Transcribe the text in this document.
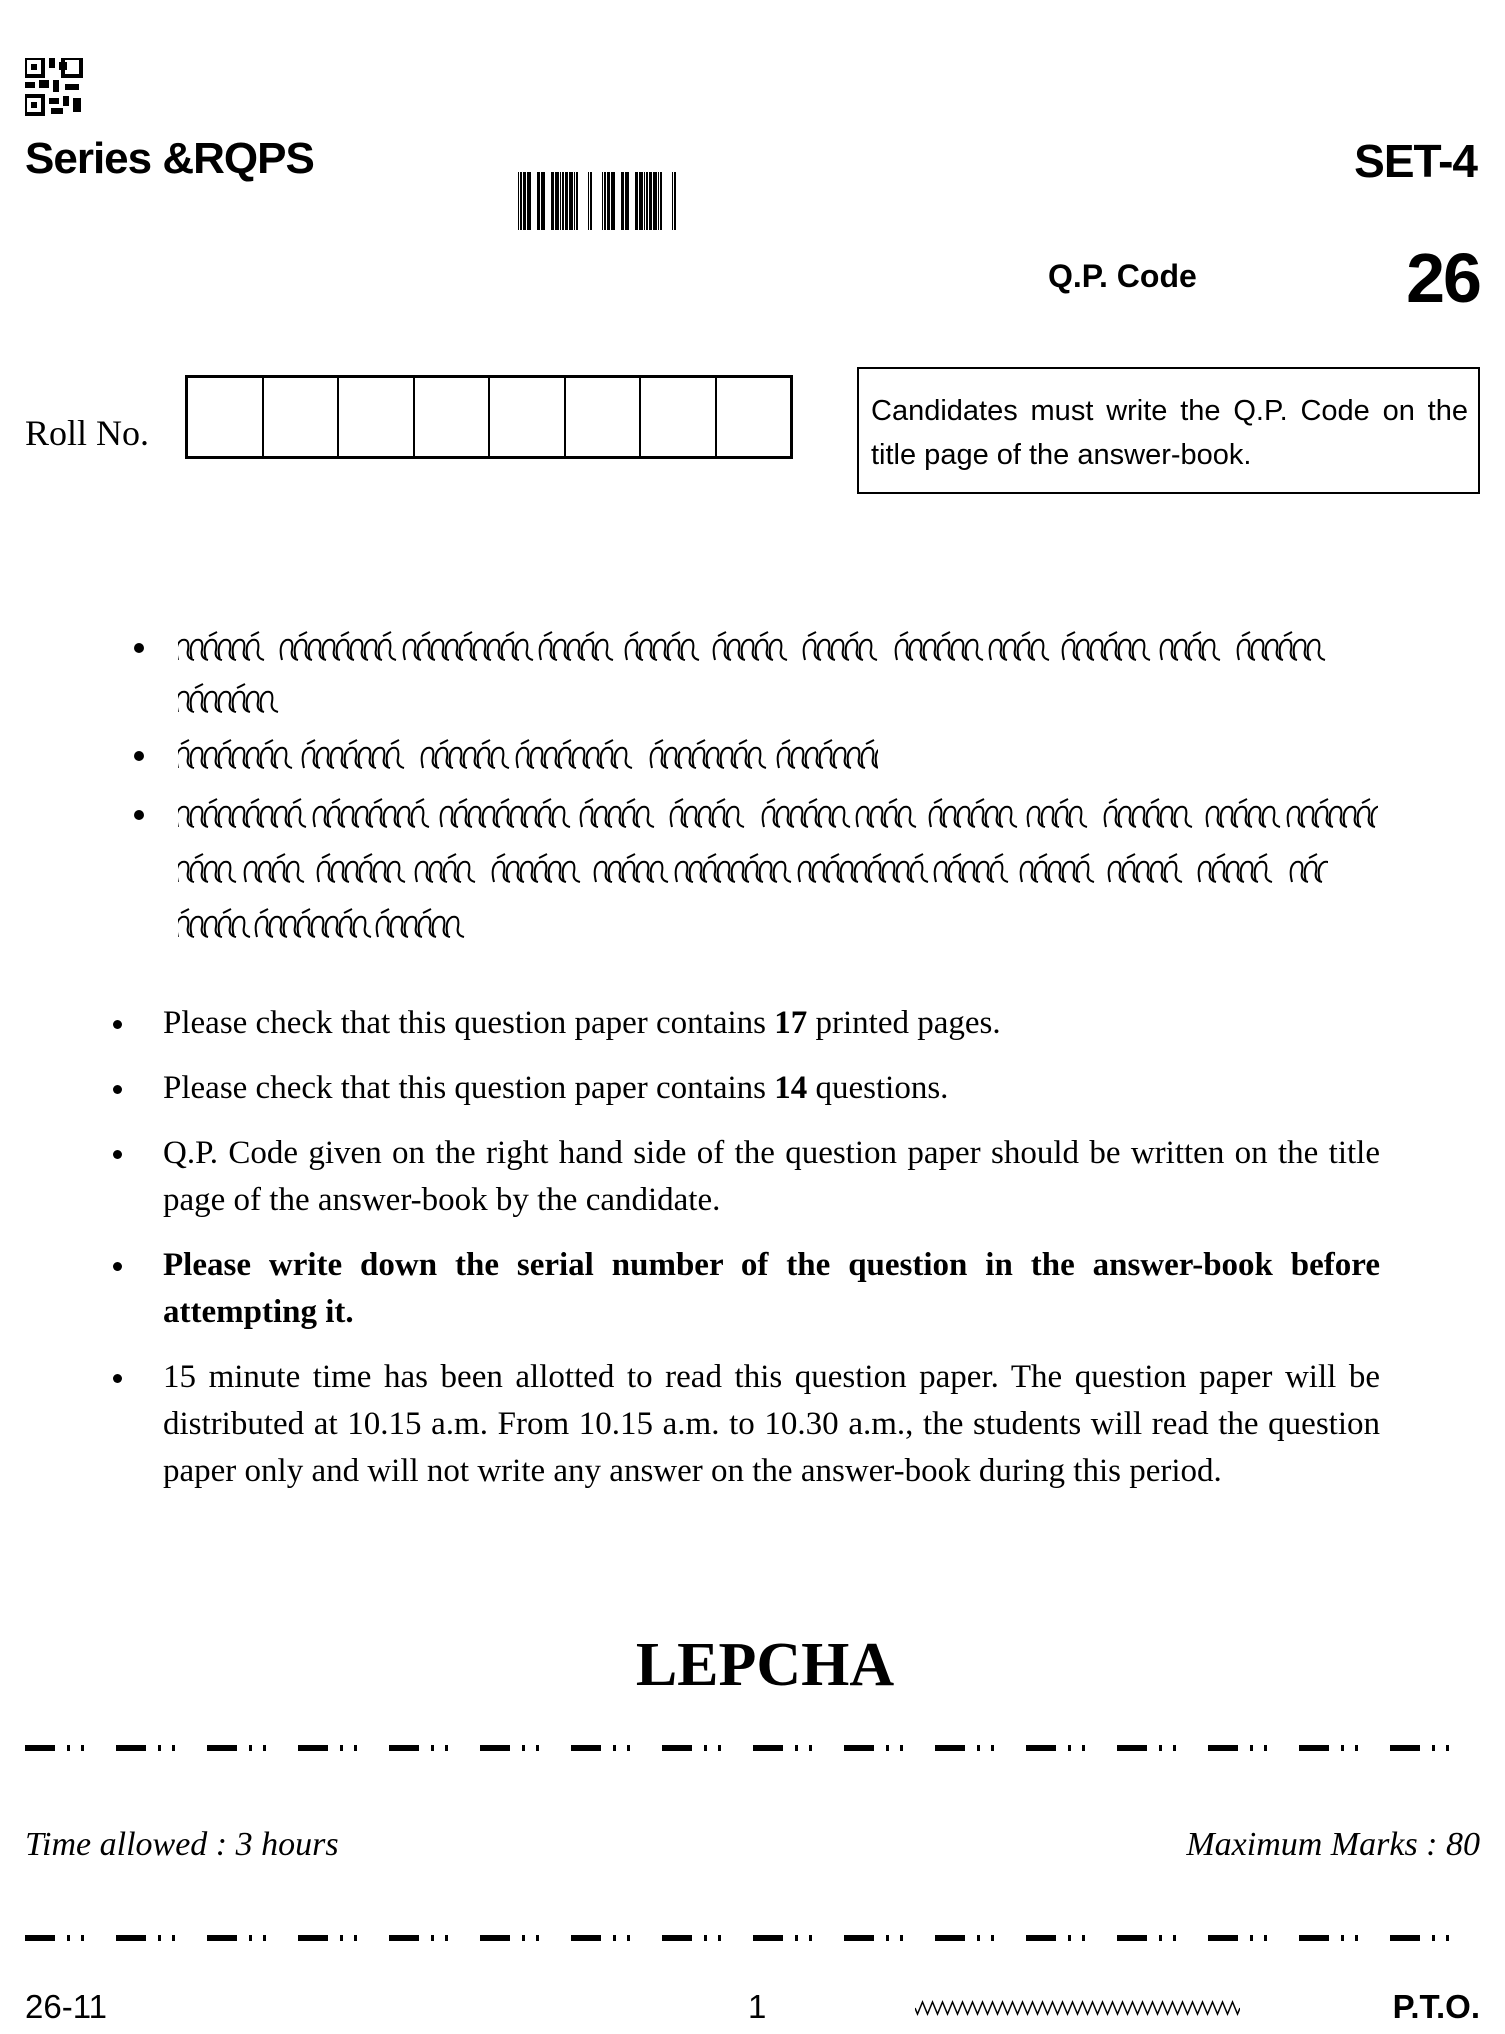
Series &RQPS	SET-4
Q.P. Code	26
Roll No.
Candidates must write the Q.P. Code on the title page of the answer-book.
Please check that this question paper contains 17 printed pages.
Please check that this question paper contains 14 questions.
Q.P. Code given on the right hand side of the question paper should be written on the title page of the answer-book by the candidate.
Please write down the serial number of the question in the answer-book before attempting it.
15 minute time has been allotted to read this question paper. The question paper will be distributed at 10.15 a.m. From 10.15 a.m. to 10.30 a.m., the students will read the question paper only and will not write any answer on the answer-book during this period.
LEPCHA
Time allowed : 3 hours	Maximum Marks : 80
26-11	1	P.T.O.
